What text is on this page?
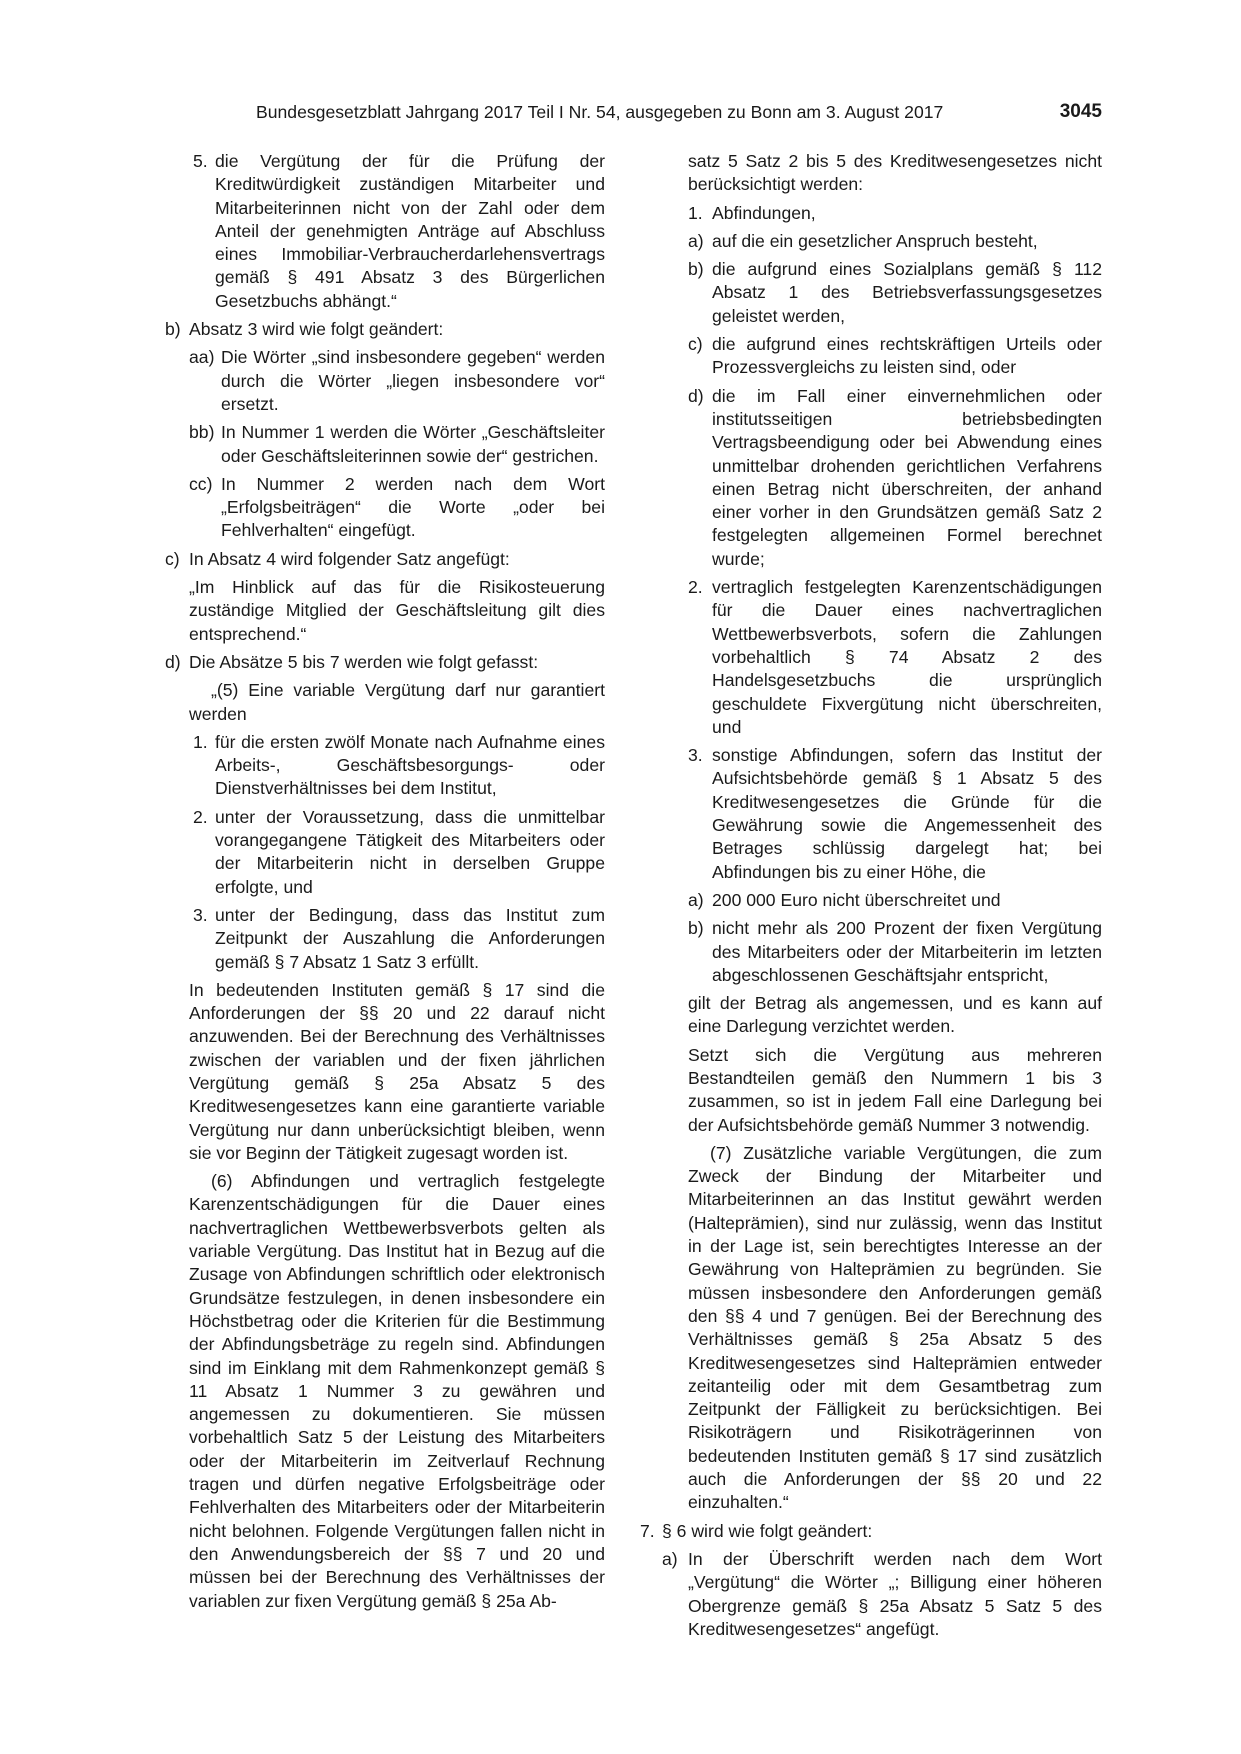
Bundesgesetzblatt Jahrgang 2017 Teil I Nr. 54, ausgegeben zu Bonn am 3. August 2017	3045
5. die Vergütung der für die Prüfung der Kreditwürdigkeit zuständigen Mitarbeiter und Mitarbeiterinnen nicht von der Zahl oder dem Anteil der genehmigten Anträge auf Abschluss eines Immobiliar-Verbraucherdarlehensvertrags gemäß § 491 Absatz 3 des Bürgerlichen Gesetzbuchs abhängt.“
b) Absatz 3 wird wie folgt geändert:
aa) Die Wörter „sind insbesondere gegeben“ werden durch die Wörter „liegen insbesondere vor“ ersetzt.
bb) In Nummer 1 werden die Wörter „Geschäftsleiter oder Geschäftsleiterinnen sowie der“ gestrichen.
cc) In Nummer 2 werden nach dem Wort „Erfolgsbeiträgen“ die Worte „oder bei Fehlverhalten“ eingefügt.
c) In Absatz 4 wird folgender Satz angefügt:

„Im Hinblick auf das für die Risikosteuerung zuständige Mitglied der Geschäftsleitung gilt dies entsprechend.“

d) Die Absätze 5 bis 7 werden wie folgt gefasst:

„(5) Eine variable Vergütung darf nur garantiert werden

1. für die ersten zwölf Monate nach Aufnahme eines Arbeits-, Geschäftsbesorgungs- oder Dienstverhältnisses bei dem Institut,
2. unter der Voraussetzung, dass die unmittelbar vorangegangene Tätigkeit des Mitarbeiters oder der Mitarbeiterin nicht in derselben Gruppe erfolgte, und
3. unter der Bedingung, dass das Institut zum Zeitpunkt der Auszahlung die Anforderungen gemäß § 7 Absatz 1 Satz 3 erfüllt.

In bedeutenden Instituten gemäß § 17 sind die Anforderungen der §§ 20 und 22 darauf nicht anzuwenden. Bei der Berechnung des Verhältnisses zwischen der variablen und der fixen jährlichen Vergütung gemäß § 25a Absatz 5 des Kreditwesengesetzes kann eine garantierte variable Vergütung nur dann unberücksichtigt bleiben, wenn sie vor Beginn der Tätigkeit zugesagt worden ist.

(6) Abfindungen und vertraglich festgelegte Karenzentschädigungen für die Dauer eines nachvertraglichen Wettbewerbsverbots gelten als variable Vergütung. Das Institut hat in Bezug auf die Zusage von Abfindungen schriftlich oder elektronisch Grundsätze festzulegen, in denen insbesondere ein Höchstbetrag oder die Kriterien für die Bestimmung der Abfindungsbeträge zu regeln sind. Abfindungen sind im Einklang mit dem Rahmenkonzept gemäß § 11 Absatz 1 Nummer 3 zu gewähren und angemessen zu dokumentieren. Sie müssen vorbehaltlich Satz 5 der Leistung des Mitarbeiters oder der Mitarbeiterin im Zeitverlauf Rechnung tragen und dürfen negative Erfolgsbeiträge oder Fehlverhalten des Mitarbeiters oder der Mitarbeiterin nicht belohnen. Folgende Vergütungen fallen nicht in den Anwendungsbereich der §§ 7 und 20 und müssen bei der Berechnung des Verhältnisses der variablen zur fixen Vergütung gemäß § 25a Ab-

satz 5 Satz 2 bis 5 des Kreditwesengesetzes nicht berücksichtigt werden:

1. Abfindungen,
a) auf die ein gesetzlicher Anspruch besteht,
b) die aufgrund eines Sozialplans gemäß § 112 Absatz 1 des Betriebsverfassungsgesetzes geleistet werden,
c) die aufgrund eines rechtskräftigen Urteils oder Prozessvergleichs zu leisten sind, oder
d) die im Fall einer einvernehmlichen oder institutsseitigen betriebsbedingten Vertragsbeendigung oder bei Abwendung eines unmittelbar drohenden gerichtlichen Verfahrens einen Betrag nicht überschreiten, der anhand einer vorher in den Grundsätzen gemäß Satz 2 festgelegten allgemeinen Formel berechnet wurde;
2. vertraglich festgelegten Karenzentschädigungen für die Dauer eines nachvertraglichen Wettbewerbsverbots, sofern die Zahlungen vorbehaltlich § 74 Absatz 2 des Handelsgesetzbuchs die ursprünglich geschuldete Fixvergütung nicht überschreiten, und
3. sonstige Abfindungen, sofern das Institut der Aufsichtsbehörde gemäß § 1 Absatz 5 des Kreditwesengesetzes die Gründe für die Gewährung sowie die Angemessenheit des Betrages schlüssig dargelegt hat; bei Abfindungen bis zu einer Höhe, die
a) 200 000 Euro nicht überschreitet und
b) nicht mehr als 200 Prozent der fixen Vergütung des Mitarbeiters oder der Mitarbeiterin im letzten abgeschlossenen Geschäftsjahr entspricht,

gilt der Betrag als angemessen, und es kann auf eine Darlegung verzichtet werden.

Setzt sich die Vergütung aus mehreren Bestandteilen gemäß den Nummern 1 bis 3 zusammen, so ist in jedem Fall eine Darlegung bei der Aufsichtsbehörde gemäß Nummer 3 notwendig.

(7) Zusätzliche variable Vergütungen, die zum Zweck der Bindung der Mitarbeiter und Mitarbeiterinnen an das Institut gewährt werden (Halteprämien), sind nur zulässig, wenn das Institut in der Lage ist, sein berechtigtes Interesse an der Gewährung von Halteprämien zu begründen. Sie müssen insbesondere den Anforderungen gemäß den §§ 4 und 7 genügen. Bei der Berechnung des Verhältnisses gemäß § 25a Absatz 5 des Kreditwesengesetzes sind Halteprämien entweder zeitanteilig oder mit dem Gesamtbetrag zum Zeitpunkt der Fälligkeit zu berücksichtigen. Bei Risikoträgern und Risikoträgerinnen von bedeutenden Instituten gemäß § 17 sind zusätzlich auch die Anforderungen der §§ 20 und 22 einzuhalten.“

7. § 6 wird wie folgt geändert:
a) In der Überschrift werden nach dem Wort „Vergütung“ die Wörter „; Billigung einer höheren Obergrenze gemäß § 25a Absatz 5 Satz 5 des Kreditwesengesetzes“ angefügt.
